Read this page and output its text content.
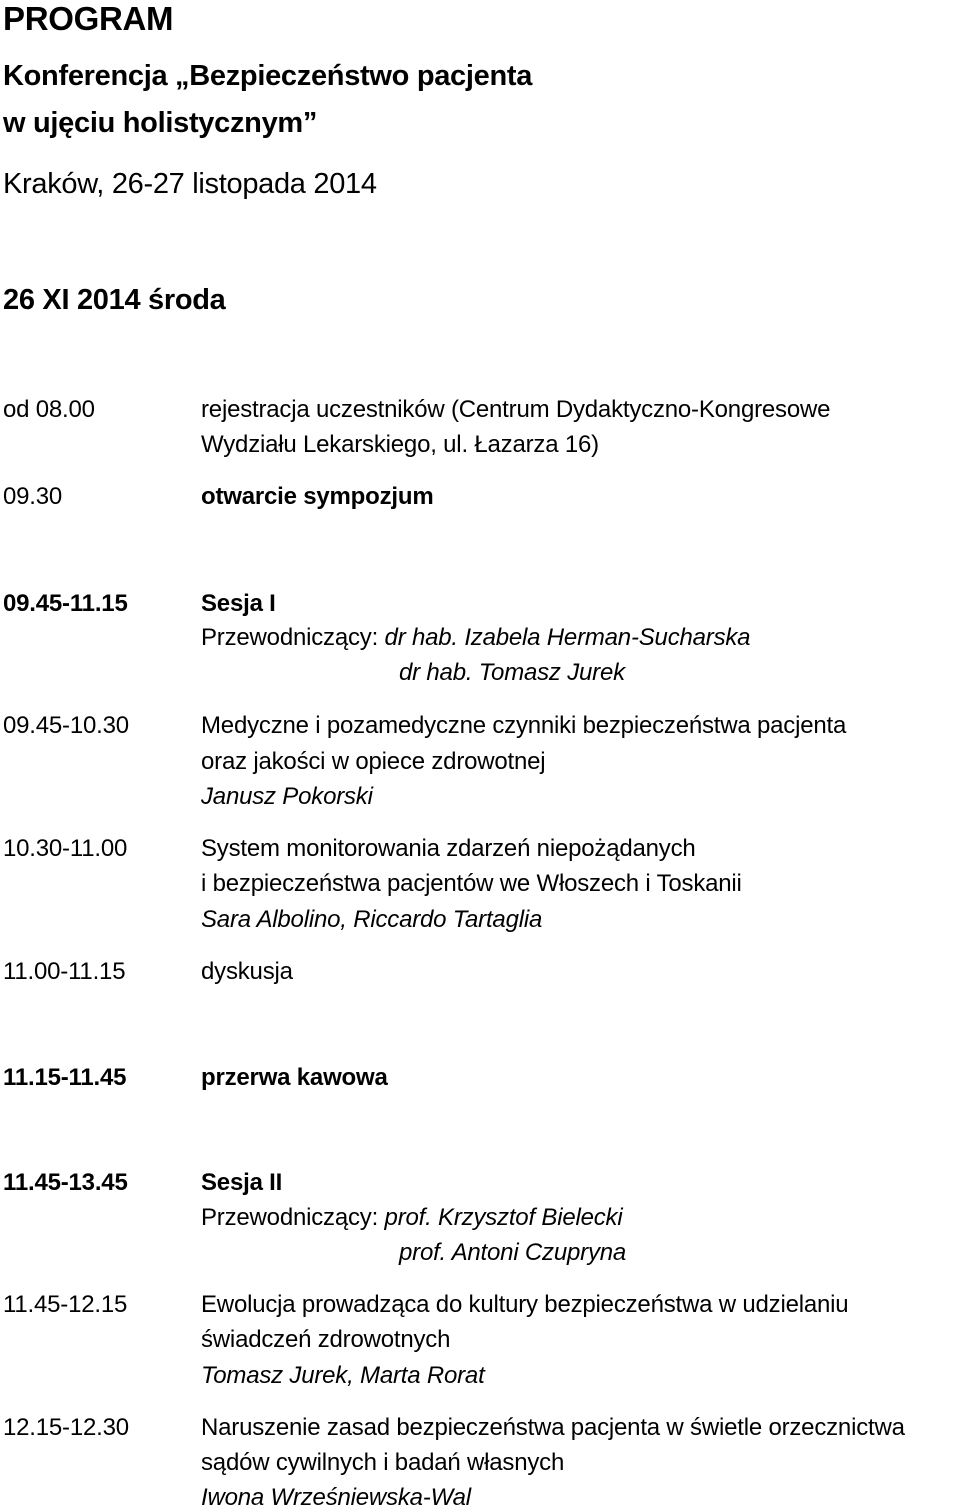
PROGRAM
Konferencja „Bezpieczeństwo pacjenta
w ujęciu holistycznym”
Kraków, 26-27 listopada 2014
26 XI 2014 środa
od 08.00	rejestracja uczestników (Centrum Dydaktyczno-Kongresowe
Wydziału Lekarskiego, ul. Łazarza 16)
09.30	otwarcie sympozjum
09.45-11.15	Sesja I
Przewodniczący: dr hab. Izabela Herman-Sucharska
dr hab. Tomasz Jurek
09.45-10.30	Medyczne i pozamedyczne czynniki bezpieczeństwa pacjenta
oraz jakości w opiece zdrowotnej
Janusz Pokorski
10.30-11.00	System monitorowania zdarzeń niepożądanych
i bezpieczeństwa pacjentów we Włoszech i Toskanii
Sara Albolino, Riccardo Tartaglia
11.00-11.15	dyskusja
11.15-11.45	przerwa kawowa
11.45-13.45	Sesja II
Przewodniczący: prof. Krzysztof Bielecki
prof. Antoni Czupryna
11.45-12.15	Ewolucja prowadząca do kultury bezpieczeństwa w udzielaniu
świadczeń zdrowotnych
Tomasz Jurek, Marta Rorat
12.15-12.30	Naruszenie zasad bezpieczeństwa pacjenta w świetle orzecznictwa
sądów cywilnych i badań własnych
Iwona Wrześniewska-Wal
